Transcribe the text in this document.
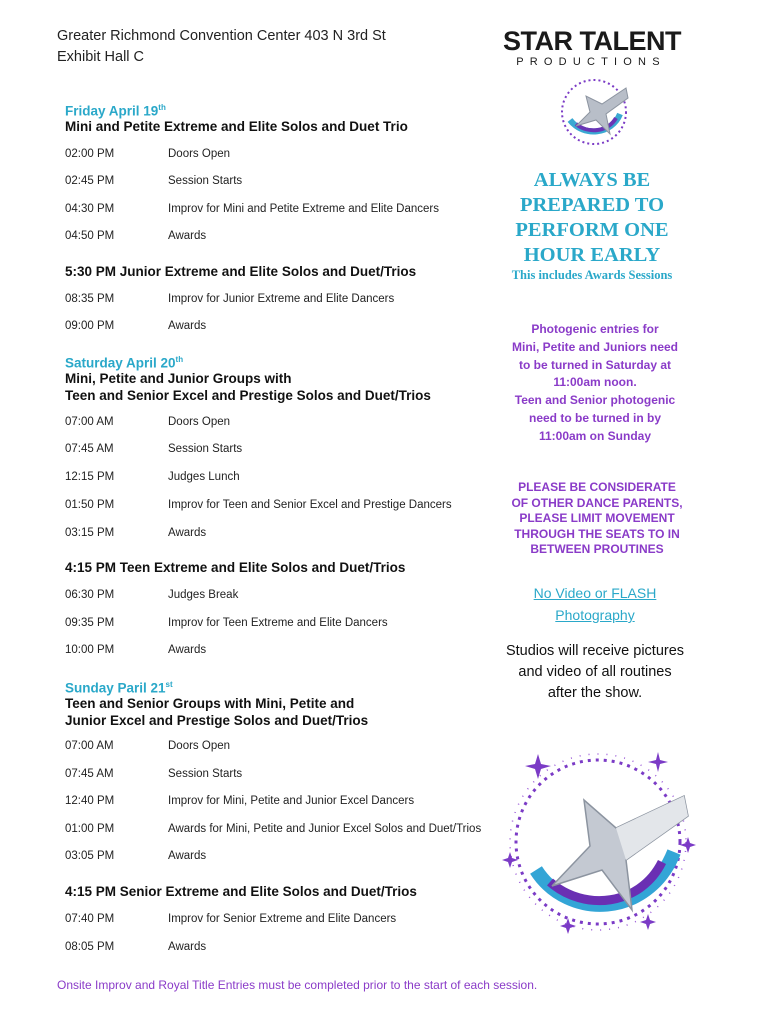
Greater Richmond Convention Center 403 N 3rd St
Exhibit Hall C
STAR TALENT
PRODUCTIONS
Friday April 19th
Mini and Petite Extreme and Elite Solos and Duet Trio
02:00 PM	Doors Open
02:45 PM	Session Starts
04:30 PM	Improv for Mini and Petite Extreme and Elite Dancers
04:50 PM	Awards
5:30 PM Junior Extreme and Elite Solos and Duet/Trios
08:35 PM	Improv for Junior Extreme and Elite Dancers
09:00 PM	Awards
Saturday April 20th
Mini, Petite and Junior Groups with
Teen and Senior Excel and Prestige Solos and Duet/Trios
07:00 AM	Doors Open
07:45 AM	Session Starts
12:15 PM	Judges Lunch
01:50 PM	Improv for Teen and Senior Excel and Prestige Dancers
03:15 PM	Awards
4:15 PM Teen Extreme and Elite Solos and Duet/Trios
06:30 PM	Judges Break
09:35 PM	Improv for Teen Extreme and Elite Dancers
10:00 PM	Awards
Sunday Paril 21st
Teen and Senior Groups with Mini, Petite and
Junior Excel and Prestige Solos and Duet/Trios
07:00 AM	Doors Open
07:45 AM	Session Starts
12:40 PM	Improv for Mini, Petite and Junior Excel Dancers
01:00 PM	Awards for Mini, Petite and Junior Excel Solos and Duet/Trios
03:05 PM	Awards
4:15 PM Senior Extreme and Elite Solos and Duet/Trios
07:40 PM	Improv for Senior Extreme and Elite Dancers
08:05 PM	Awards
ALWAYS BE
PREPARED TO
PERFORM ONE
HOUR EARLY
This includes Awards Sessions
Photogenic entries for
Mini, Petite and Juniors need
to be turned in Saturday at
11:00am noon.
Teen and Senior photogenic
need to be turned in by
11:00am on Sunday
PLEASE BE CONSIDERATE
OF OTHER DANCE PARENTS,
PLEASE LIMIT MOVEMENT
THROUGH THE SEATS TO IN
BETWEEN PROUTINES
No Video or FLASH
Photography
Studios will receive pictures
and video of all routines
after the show.
Onsite Improv and Royal Title Entries must be completed prior to the start of each session.
